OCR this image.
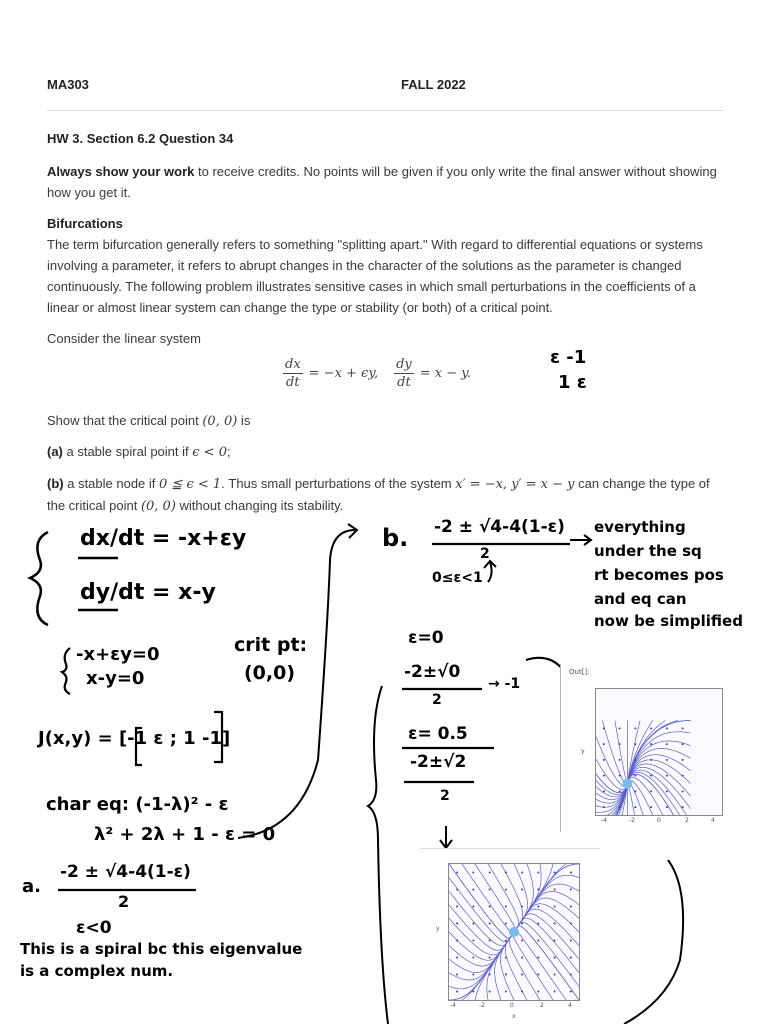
MA303	FALL 2022
HW 3. Section 6.2 Question 34
Always show your work to receive credits. No points will be given if you only write the final answer without showing how you get it.
Bifurcations
The term bifurcation generally refers to something "splitting apart." With regard to differential equations or systems involving a parameter, it refers to abrupt changes in the character of the solutions as the parameter is changed continuously. The following problem illustrates sensitive cases in which small perturbations in the coefficients of a linear or almost linear system can change the type or stability (or both) of a critical point.
Consider the linear system
$\frac{dx}{dt} = -x + \epsilon y$, $\frac{dy}{dt} = x - y$.
Show that the critical point (0, 0) is
(a) a stable spiral point if ϵ < 0;
(b) a stable node if 0 ≦ ϵ < 1. Thus small perturbations of the system x′ = −x, y′ = x − y can change the type of the critical point (0, 0) without changing its stability.
ε -1
1 ε
dx/dt = -x+εy
dy/dt = x-y
-x+εy=0
x-y=0
crit pt:
(0,0)
J(x,y) = [-1 ε ; 1 -1]
char eq: (-1-λ)² - ε
λ² + 2λ + 1 - ε = 0
a.
-2 ± √4-4(1-ε)
2
ε<0
This is a spiral bc this eigenvalue
is a complex num.
b. -2 ± √4-4(1-ε)
2
0≤ε<1
everything
under the sq
rt becomes pos
and eq can
now be simplified
ε=0
-2±√0
2
→ -1
ε= 0.5
-2±√2
2
Out[]:
-4	-2	0	2	4
y
-4	-2	0	2	4
x
y
